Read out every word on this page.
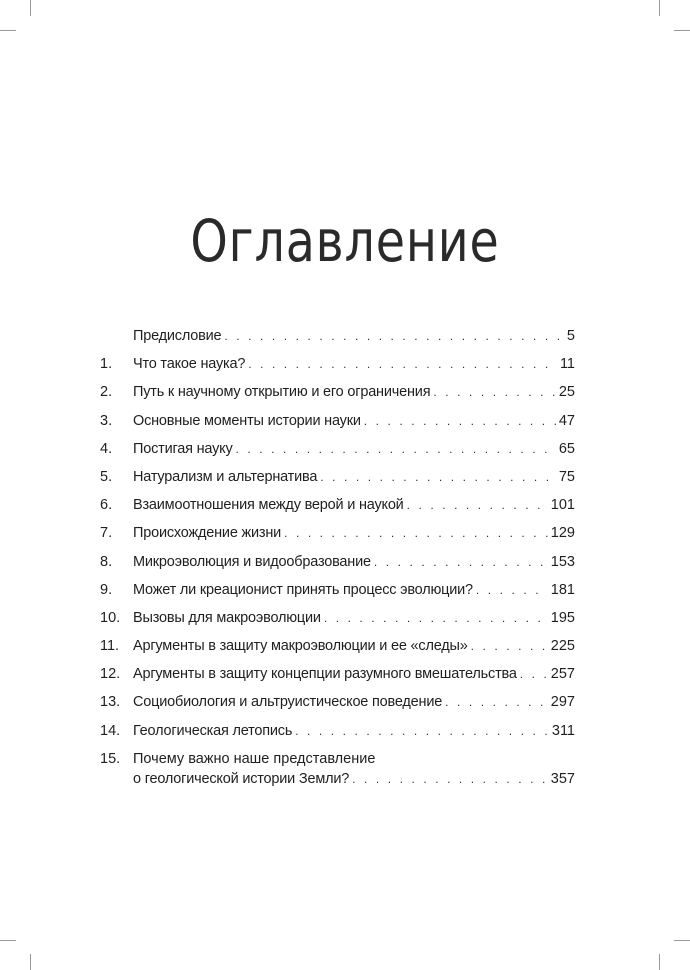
Оглавление
Предисловие . . .	5
1.	Что такое наука? . . .	11
2.	Путь к научному открытию и его ограничения . . .	25
3.	Основные моменты истории науки . . .	47
4.	Постигая науку . . .	65
5.	Натурализм и альтернатива . . .	75
6.	Взаимоотношения между верой и наукой . . .	101
7.	Происхождение жизни . . .	129
8.	Микроэволюция и видообразование . . .	153
9.	Может ли креационист принять процесс эволюции? . . .	181
10. Вызовы для макроэволюции . . .	195
11. Аргументы в защиту макроэволюции и ее «следы» . . .	225
12. Аргументы в защиту концепции разумного вмешательства . . . 257
13. Социобиология и альтруистическое поведение . . .	297
14. Геологическая летопись . . .	311
15. Почему важно наше представление
о геологической истории Земли? . . .	357
